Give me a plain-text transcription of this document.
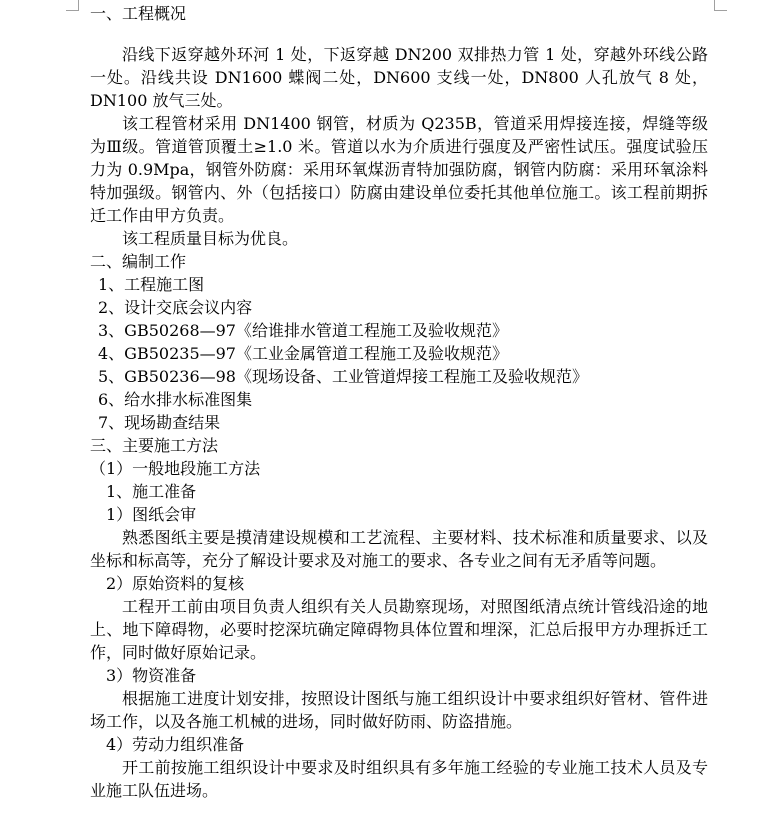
一、工程概况

沿线下返穿越外环河 1 处，下返穿越 DN200 双排热力管 1 处，穿越外环线公路一处。沿线共设 DN1600 蝶阀二处，DN600 支线一处，DN800 人孔放气 8 处，DN100 放气三处。

该工程管材采用 DN1400 钢管，材质为 Q235B，管道采用焊接连接，焊缝等级为Ⅲ级。管道管顶覆土≥1.0 米。管道以水为介质进行强度及严密性试压。强度试验压力为 0.9Mpa，钢管外防腐：采用环氧煤沥青特加强防腐，钢管内防腐：采用环氧涂料特加强级。钢管内、外（包括接口）防腐由建设单位委托其他单位施工。该工程前期拆迁工作由甲方负责。

该工程质量目标为优良。

二、编制工作
1、工程施工图
2、设计交底会议内容
3、GB50268—97《给谁排水管道工程施工及验收规范》
4、GB50235—97《工业金属管道工程施工及验收规范》
5、GB50236—98《现场设备、工业管道焊接工程施工及验收规范》
6、给水排水标准图集
7、现场勘查结果
三、主要施工方法
（1）一般地段施工方法
1、施工准备
1）图纸会审

熟悉图纸主要是摸清建设规模和工艺流程、主要材料、技术标准和质量要求、以及坐标和标高等，充分了解设计要求及对施工的要求、各专业之间有无矛盾等问题。

2）原始资料的复核

工程开工前由项目负责人组织有关人员勘察现场，对照图纸清点统计管线沿途的地上、地下障碍物，必要时挖深坑确定障碍物具体位置和埋深，汇总后报甲方办理拆迁工作，同时做好原始记录。

3）物资准备

根据施工进度计划安排，按照设计图纸与施工组织设计中要求组织好管材、管件进场工作，以及各施工机械的进场，同时做好防雨、防盗措施。

4）劳动力组织准备

开工前按施工组织设计中要求及时组织具有多年施工经验的专业施工技术人员及专业施工队伍进场。
